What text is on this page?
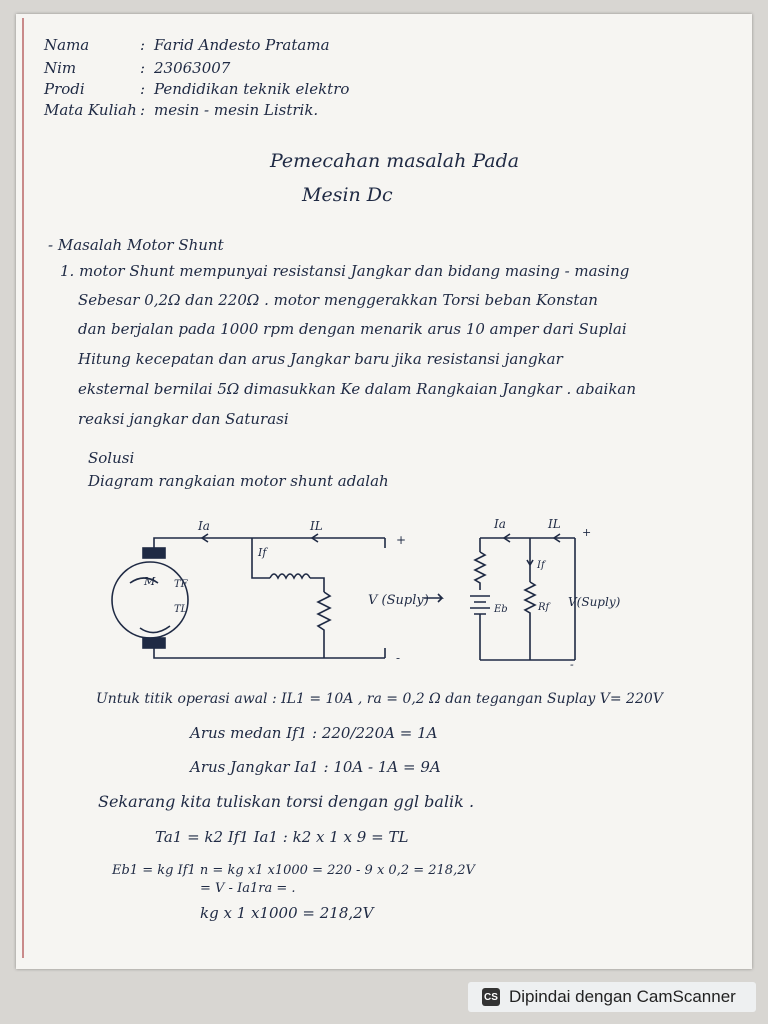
Nama	: Farid Andesto Pratama
Nim	: 23063007
Prodi	: Pendidikan teknik elektro
Mata Kuliah : mesin - mesin Listrik.
Pemecahan masalah Pada
Mesin Dc
- Masalah Motor Shunt
1. motor Shunt mempunyai resistansi Jangkar dan bidang masing - masing
Sebesar 0,2Ω dan 220Ω . motor menggerakkan Torsi beban Konstan
dan berjalan pada 1000 rpm dengan menarik arus 10 amper dari Suplai
Hitung kecepatan dan arus Jangkar baru jika resistansi jangkar
eksternal bernilai 5Ω dimasukkan Ke dalam Rangkaian Jangkar . abaikan
reaksi jangkar dan Saturasi
Solusi
Diagram rangkaian motor shunt adalah
Ia	IL
If
M TF
TL
+
-
V (Suply)
Ia	IL
If
Eb	Rf V(Suply)
+
-
Untuk titik operasi awal : IL1 = 10A , ra = 0,2 Ω dan tegangan Suplay V= 220V
Arus medan If1 : 220/220A = 1A
Arus Jangkar Ia1 : 10A - 1A = 9A
Sekarang kita tuliskan torsi dengan ggl balik .
Ta1 = k2 If1 Ia1 : k2 x 1 x 9 = TL
Eb1 = kg If1 n = kg x1 x1000 = 220 - 9 x 0,2 = 218,2V
= V - Ia1ra = .
kg x 1 x1000 = 218,2V
CS Dipindai dengan CamScanner
